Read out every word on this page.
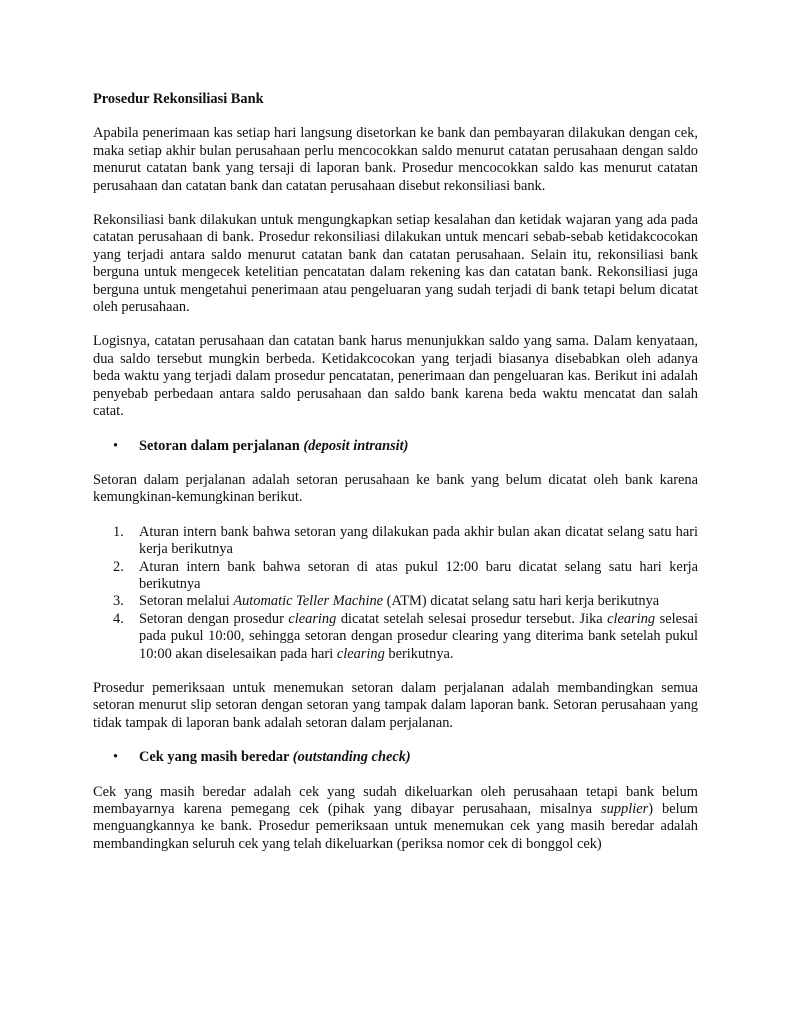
Prosedur Rekonsiliasi Bank

Apabila penerimaan kas setiap hari langsung disetorkan ke bank dan pembayaran dilakukan dengan cek, maka setiap akhir bulan perusahaan perlu mencocokkan saldo menurut catatan perusahaan dengan saldo menurut catatan bank yang tersaji di laporan bank. Prosedur mencocokkan saldo kas menurut catatan perusahaan dan catatan bank dan catatan perusahaan disebut rekonsiliasi bank.

Rekonsiliasi bank dilakukan untuk mengungkapkan setiap kesalahan dan ketidak wajaran yang ada pada catatan perusahaan di bank. Prosedur rekonsiliasi dilakukan untuk mencari sebab-sebab ketidakcocokan yang terjadi antara saldo menurut catatan bank dan catatan perusahaan. Selain itu, rekonsiliasi bank berguna untuk mengecek ketelitian pencatatan dalam rekening kas dan catatan bank. Rekonsiliasi juga berguna untuk mengetahui penerimaan atau pengeluaran yang sudah terjadi di bank tetapi belum dicatat oleh perusahaan.

Logisnya, catatan perusahaan dan catatan bank harus menunjukkan saldo yang sama. Dalam kenyataan, dua saldo tersebut mungkin berbeda. Ketidakcocokan yang terjadi biasanya disebabkan oleh adanya beda waktu yang terjadi dalam prosedur pencatatan, penerimaan dan pengeluaran kas. Berikut ini adalah penyebab perbedaan antara saldo perusahaan dan saldo bank karena beda waktu mencatat dan salah catat.

• Setoran dalam perjalanan (deposit intransit)

Setoran dalam perjalanan adalah setoran perusahaan ke bank yang belum dicatat oleh bank karena kemungkinan-kemungkinan berikut.

1. Aturan intern bank bahwa setoran yang dilakukan pada akhir bulan akan dicatat selang satu hari kerja berikutnya
2. Aturan intern bank bahwa setoran di atas pukul 12:00 baru dicatat selang satu hari kerja berikutnya
3. Setoran melalui Automatic Teller Machine (ATM) dicatat selang satu hari kerja berikutnya
4. Setoran dengan prosedur clearing dicatat setelah selesai prosedur tersebut. Jika clearing selesai pada pukul 10:00, sehingga setoran dengan prosedur clearing yang diterima bank setelah pukul 10:00 akan diselesaikan pada hari clearing berikutnya.

Prosedur pemeriksaan untuk menemukan setoran dalam perjalanan adalah membandingkan semua setoran menurut slip setoran dengan setoran yang tampak dalam laporan bank. Setoran perusahaan yang tidak tampak di laporan bank adalah setoran dalam perjalanan.

• Cek yang masih beredar (outstanding check)

Cek yang masih beredar adalah cek yang sudah dikeluarkan oleh perusahaan tetapi bank belum membayarnya karena pemegang cek (pihak yang dibayar perusahaan, misalnya supplier) belum menguangkannya ke bank. Prosedur pemeriksaan untuk menemukan cek yang masih beredar adalah membandingkan seluruh cek yang telah dikeluarkan (periksa nomor cek di bonggol cek)
